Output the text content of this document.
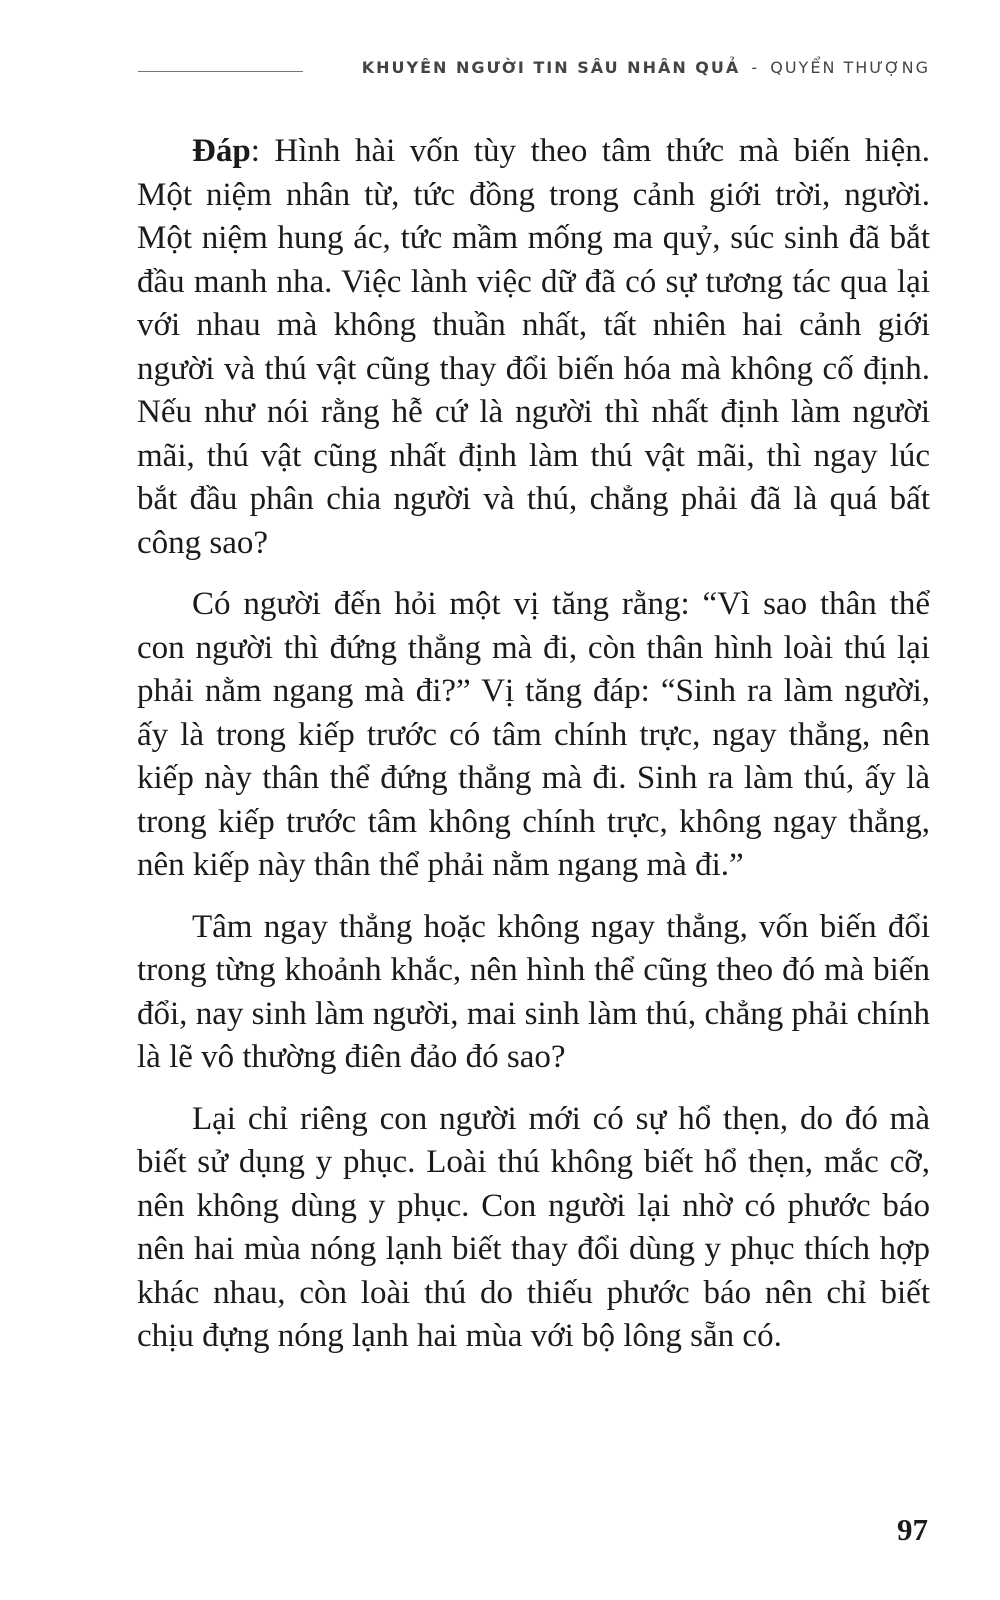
KHUYÊN NGƯỜI TIN SÂU NHÂN QUẢ - QUYỂN THƯỢNG

Đáp: Hình hài vốn tùy theo tâm thức mà biến hiện. Một niệm nhân từ, tức đồng trong cảnh giới trời, người. Một niệm hung ác, tức mầm mống ma quỷ, súc sinh đã bắt đầu manh nha. Việc lành việc dữ đã có sự tương tác qua lại với nhau mà không thuần nhất, tất nhiên hai cảnh giới người và thú vật cũng thay đổi biến hóa mà không cố định. Nếu như nói rằng hễ cứ là người thì nhất định làm người mãi, thú vật cũng nhất định làm thú vật mãi, thì ngay lúc bắt đầu phân chia người và thú, chẳng phải đã là quá bất công sao?

Có người đến hỏi một vị tăng rằng: “Vì sao thân thể con người thì đứng thẳng mà đi, còn thân hình loài thú lại phải nằm ngang mà đi?” Vị tăng đáp: “Sinh ra làm người, ấy là trong kiếp trước có tâm chính trực, ngay thẳng, nên kiếp này thân thể đứng thẳng mà đi. Sinh ra làm thú, ấy là trong kiếp trước tâm không chính trực, không ngay thẳng, nên kiếp này thân thể phải nằm ngang mà đi.”

Tâm ngay thẳng hoặc không ngay thẳng, vốn biến đổi trong từng khoảnh khắc, nên hình thể cũng theo đó mà biến đổi, nay sinh làm người, mai sinh làm thú, chẳng phải chính là lẽ vô thường điên đảo đó sao?

Lại chỉ riêng con người mới có sự hổ thẹn, do đó mà biết sử dụng y phục. Loài thú không biết hổ thẹn, mắc cỡ, nên không dùng y phục. Con người lại nhờ có phước báo nên hai mùa nóng lạnh biết thay đổi dùng y phục thích hợp khác nhau, còn loài thú do thiếu phước báo nên chỉ biết chịu đựng nóng lạnh hai mùa với bộ lông sẵn có.

97
